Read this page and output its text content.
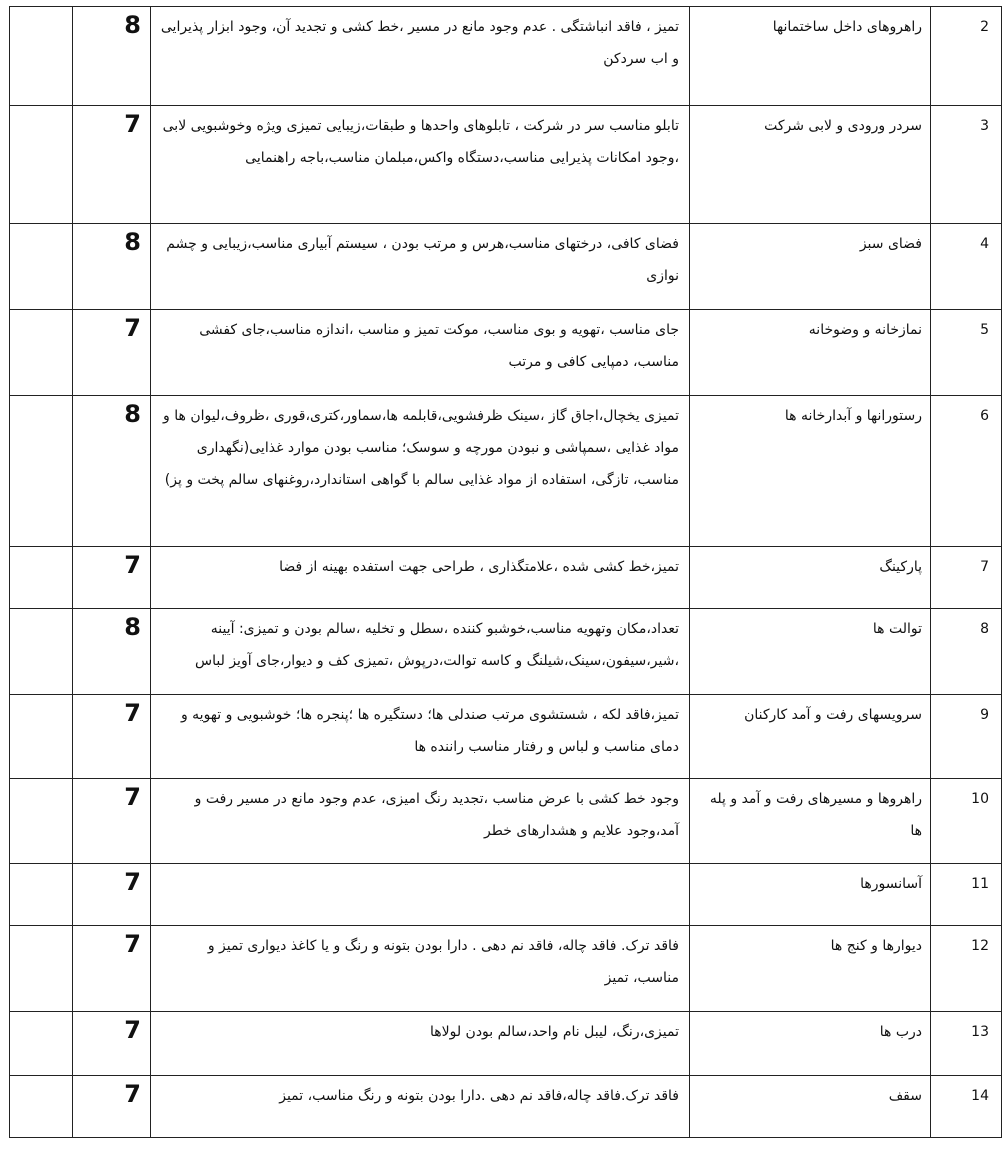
2	راهروهای داخل ساختمانها	تمیز ، فاقد انباشتگی . عدم وجود مانع در مسیر ،خط کشی و تجدید آن، وجود ابزار پذیرایی و اب سردکن	8	
3	سردر ورودی و لابی شرکت	تابلو مناسب سر در شرکت ، تابلوهای واحدها و طبقات،زیبایی تمیزی ویژه وخوشبویی لابی ،وجود امکانات پذیرایی مناسب،دستگاه واکس،مبلمان مناسب،باجه راهنمایی	7	
4	فضای سبز	فضای کافی، درختهای مناسب،هرس و مرتب بودن ، سیستم آبیاری مناسب،زیبایی و چشم نوازی	8	
5	نمازخانه و وضوخانه	جای مناسب ،تهویه و بوی مناسب، موکت تمیز و مناسب ،اندازه مناسب،جای کفشی مناسب، دمپایی کافی و مرتب	7	
6	رستورانها و آبدارخانه ها	تمیزی یخچال،اجاق گاز ،سینک ظرفشویی،قابلمه ها،سماور،کتری،قوری ،ظروف،لیوان ها و مواد غذایی ،سمپاشی و نبودن مورچه و سوسک؛ مناسب بودن موارد غذایی(نگهداری مناسب، تازگی، استفاده از مواد غذایی سالم با گواهی استاندارد،روغنهای سالم پخت و پز)	8	
7	پارکینگ	تمیز،خط کشی شده ،علامتگذاری ، طراحی جهت استفده بهینه از فضا	7	
8	توالت ها	تعداد،مکان وتهویه مناسب،خوشبو کننده ،سطل و تخلیه ،سالم بودن و تمیزی: آیینه ،شیر،سیفون،سینک،شیلنگ و کاسه توالت،درپوش ،تمیزی کف و دیوار،جای آویز لباس	8	
9	سرویسهای رفت و آمد کارکنان	تمیز،فاقد لکه ، شستشوی مرتب صندلی ها؛ دستگیره ها ؛پنجره ها؛ خوشبویی و تهویه و دمای مناسب و لباس و رفتار مناسب راننده ها	7	
10	راهروها و مسیرهای رفت و آمد و پله ها	وجود خط کشی با عرض مناسب ،تجدید رنگ امیزی، عدم وجود مانع در مسیر رفت و آمد،وجود علایم و هشدارهای خطر	7	
11	آسانسورها		7	
12	دیوارها و کنج ها	فاقد ترک. فاقد چاله، فاقد نم دهی . دارا بودن بتونه و رنگ و یا کاغذ دیواری تمیز و مناسب، تمیز	7	
13	درب ها	تمیزی،رنگ، لیبل نام واحد،سالم بودن لولاها	7	
14	سقف	فاقد ترک.فاقد چاله،فاقد نم دهی .دارا بودن بتونه و رنگ مناسب، تمیز	7	
